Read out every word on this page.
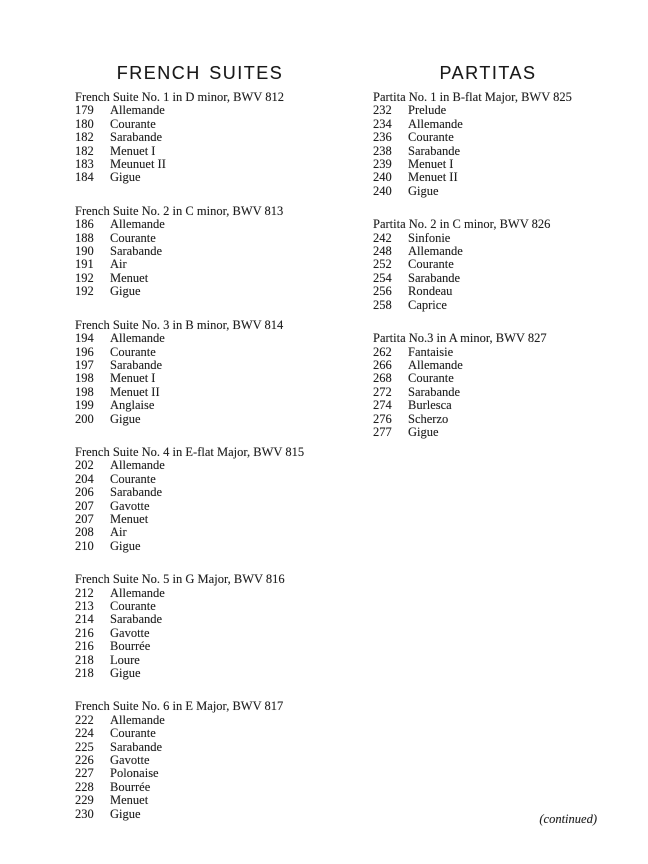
french suites
French Suite No. 1 in D minor, BWV 812
179	Allemande
180	Courante
182	Sarabande
182	Menuet I
183	Meunuet II
184	Gigue
French Suite No. 2 in C minor, BWV 813
186	Allemande
188	Courante
190	Sarabande
191	Air
192	Menuet
192	Gigue
French Suite No. 3 in B minor, BWV 814
194	Allemande
196	Courante
197	Sarabande
198	Menuet I
198	Menuet II
199	Anglaise
200	Gigue
French Suite No. 4 in E-flat Major, BWV 815
202	Allemande
204	Courante
206	Sarabande
207	Gavotte
207	Menuet
208	Air
210	Gigue
French Suite No. 5 in G Major, BWV 816
212	Allemande
213	Courante
214	Sarabande
216	Gavotte
216	Bourrée
218	Loure
218	Gigue
French Suite No. 6 in E Major, BWV 817
222	Allemande
224	Courante
225	Sarabande
226	Gavotte
227	Polonaise
228	Bourrée
229	Menuet
230	Gigue
partitas
Partita No. 1 in B-flat Major, BWV 825
232	Prelude
234	Allemande
236	Courante
238	Sarabande
239	Menuet I
240	Menuet II
240	Gigue
Partita No. 2 in C minor, BWV 826
242	Sinfonie
248	Allemande
252	Courante
254	Sarabande
256	Rondeau
258	Caprice
Partita No.3 in A minor, BWV 827
262	Fantaisie
266	Allemande
268	Courante
272	Sarabande
274	Burlesca
276	Scherzo
277	Gigue
(continued)
